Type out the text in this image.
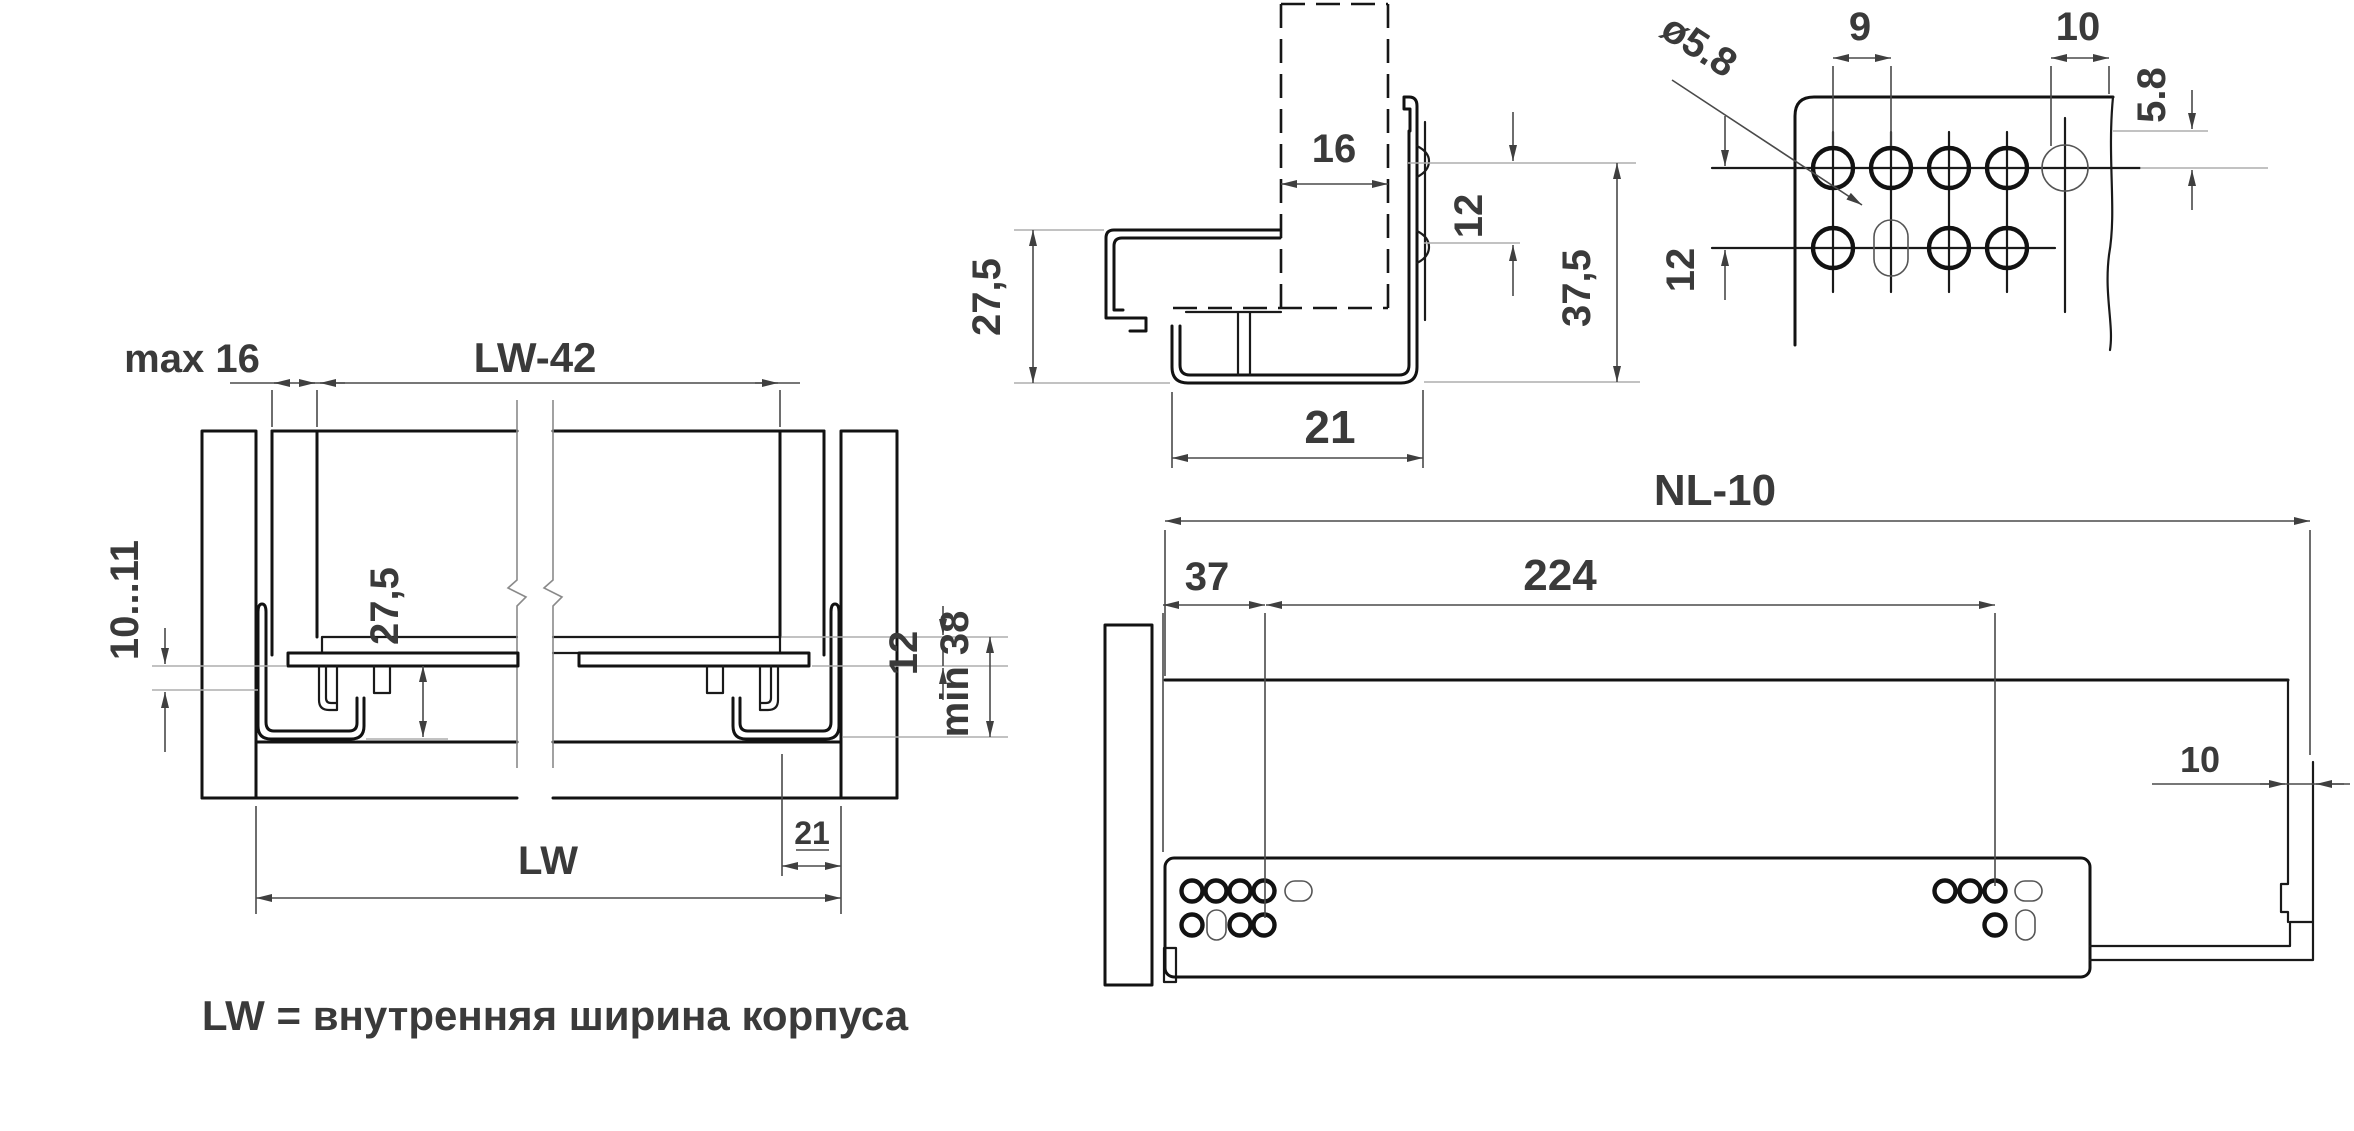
max 16	LW-42
10...11	27,5
12 min 38
21
LW
LW = внутренняя ширина корпуса
16
27,5
12
37,5
21
ø5.8	9	10
5.8
12
NL-10
37	224
10
